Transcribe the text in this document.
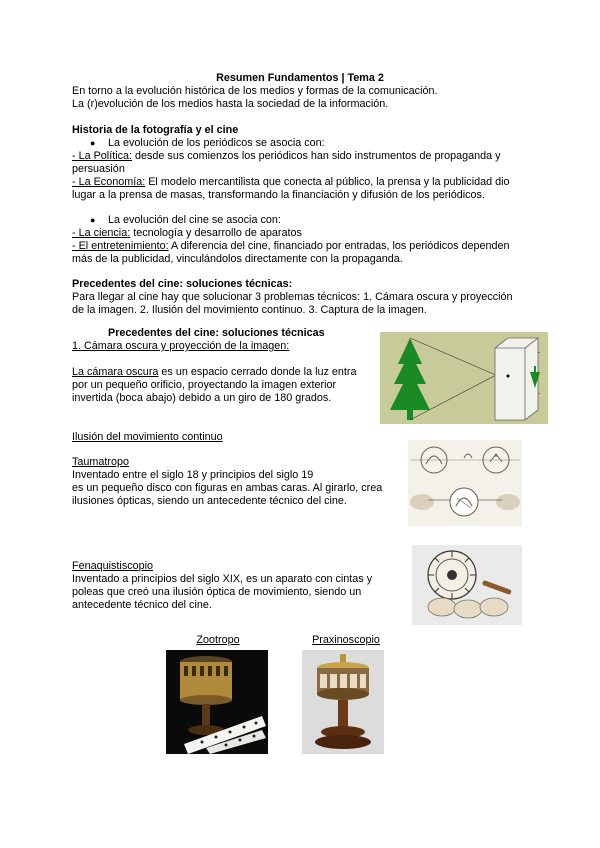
Resumen Fundamentos | Tema 2

En torno a la evolución histórica de los medios y formas de la comunicación.

La (r)evolución de los medios hasta la sociedad de la información.

Historia de la fotografía y el cine

● La evolución de los periódicos se asocia con:

- La Política: desde sus comienzos los periódicos han sido instrumentos de propaganda y

persuasión

- La Economía: El modelo mercantilista que conecta al público, la prensa y la publicidad dio

lugar a la prensa de masas, transformando la financiación y difusión de los periódicos.

● La evolución del cine se asocia con:

- La ciencia: tecnología y desarrollo de aparatos

- El entretenimiento: A diferencia del cine, financiado por entradas, los periódicos dependen

más de la publicidad, vinculándolos directamente con la propaganda.

Precedentes del cine: soluciones técnicas:

Para llegar al cine hay que solucionar 3 problemas técnicos: 1. Cámara oscura y proyección

de la imagen. 2. Ilusión del movimiento continuo. 3. Captura de la imagen.

Precedentes del cine: soluciones técnicas

1. Cámara oscura y proyección de la imagen:

La cámara oscura es un espacio cerrado donde la luz entra

por un pequeño orificio, proyectando la imagen exterior

invertida (boca abajo) debido a un giro de 180 grados.

Ilusión del movimiento continuo

Taumatropo

Inventado entre el siglo 18 y principios del siglo 19

es un pequeño disco con figuras en ambas caras. Al girarlo, crea

ilusiones ópticas, siendo un antecedente técnico del cine.

Fenaquistiscopio

Inventado a principios del siglo XIX, es un aparato con cintas y

poleas que creó una ilusión óptica de movimiento, siendo un

antecedente técnico del cine.

Zootropo	Praxinoscopio
